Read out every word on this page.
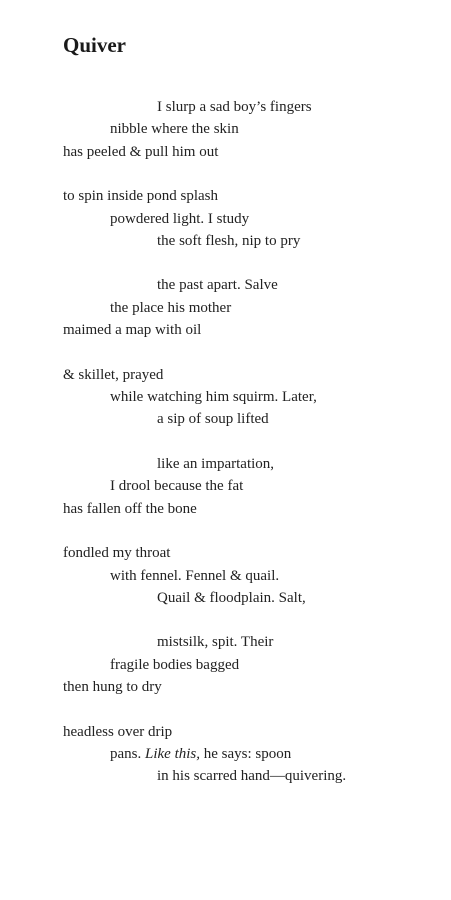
Quiver
I slurp a sad boy’s fingers
nibble where the skin
has peeled & pull him out
to spin inside pond splash
powdered light. I study
the soft flesh, nip to pry
the past apart. Salve
the place his mother
maimed a map with oil
& skillet, prayed
while watching him squirm. Later,
a sip of soup lifted
like an impartation,
I drool because the fat
has fallen off the bone
fondled my throat
with fennel. Fennel & quail.
Quail & floodplain. Salt,
mistsilk, spit. Their
fragile bodies bagged
then hung to dry
headless over drip
pans. Like this, he says: spoon
in his scarred hand—quivering.
